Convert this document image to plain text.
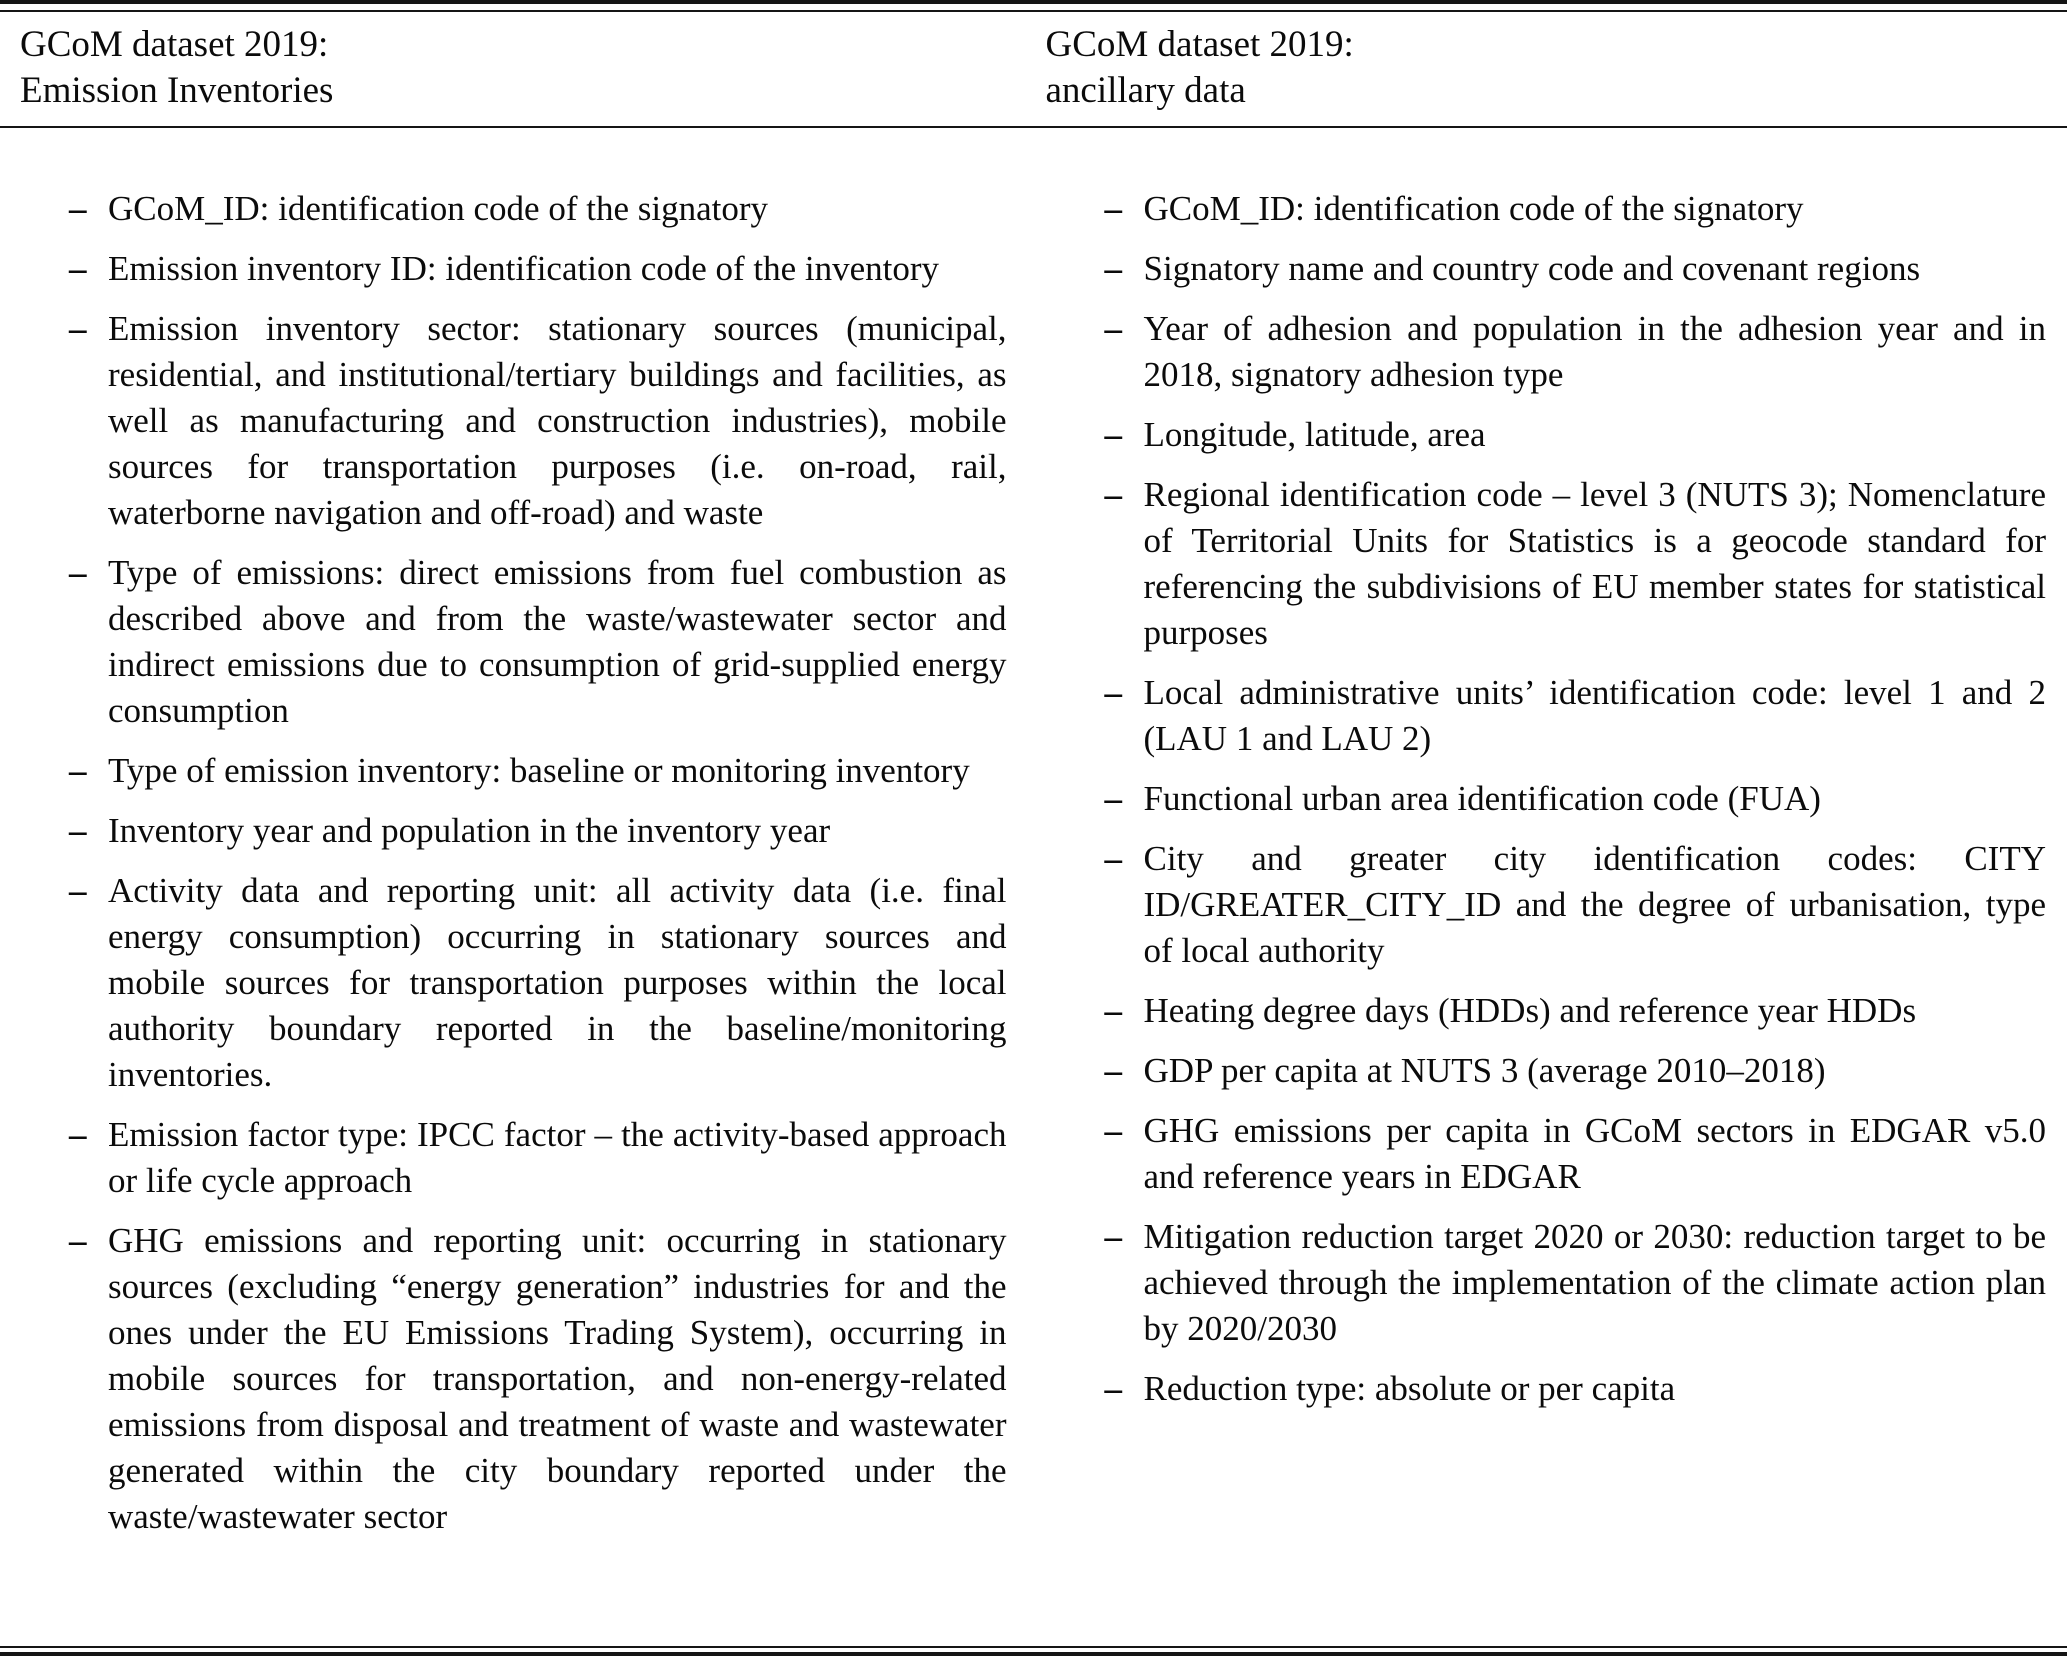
GCoM dataset 2019:
Emission Inventories
GCoM dataset 2019:
ancillary data
– GCoM_ID: identification code of the signatory
– Emission inventory ID: identification code of the inventory
– Emission inventory sector: stationary sources (municipal, residential, and institutional/tertiary buildings and facilities, as well as manufacturing and construction industries), mobile sources for transportation purposes (i.e. on-road, rail, waterborne navigation and off-road) and waste
– Type of emissions: direct emissions from fuel combustion as described above and from the waste/wastewater sector and indirect emissions due to consumption of grid-supplied energy consumption
– Type of emission inventory: baseline or monitoring inventory
– Inventory year and population in the inventory year
– Activity data and reporting unit: all activity data (i.e. final energy consumption) occurring in stationary sources and mobile sources for transportation purposes within the local authority boundary reported in the baseline/monitoring inventories.
– Emission factor type: IPCC factor – the activity-based approach or life cycle approach
– GHG emissions and reporting unit: occurring in stationary sources (excluding “energy generation” industries for and the ones under the EU Emissions Trading System), occurring in mobile sources for transportation, and non-energy-related emissions from disposal and treatment of waste and wastewater generated within the city boundary reported under the waste/wastewater sector
– GCoM_ID: identification code of the signatory
– Signatory name and country code and covenant regions
– Year of adhesion and population in the adhesion year and in 2018, signatory adhesion type
– Longitude, latitude, area
– Regional identification code – level 3 (NUTS 3); Nomenclature of Territorial Units for Statistics is a geocode standard for referencing the subdivisions of EU member states for statistical purposes
– Local administrative units’ identification code: level 1 and 2 (LAU 1 and LAU 2)
– Functional urban area identification code (FUA)
– City and greater city identification codes: CITY ID/GREATER_CITY_ID and the degree of urbanisation, type of local authority
– Heating degree days (HDDs) and reference year HDDs
– GDP per capita at NUTS 3 (average 2010–2018)
– GHG emissions per capita in GCoM sectors in EDGAR v5.0 and reference years in EDGAR
– Mitigation reduction target 2020 or 2030: reduction target to be achieved through the implementation of the climate action plan by 2020/2030
– Reduction type: absolute or per capita
